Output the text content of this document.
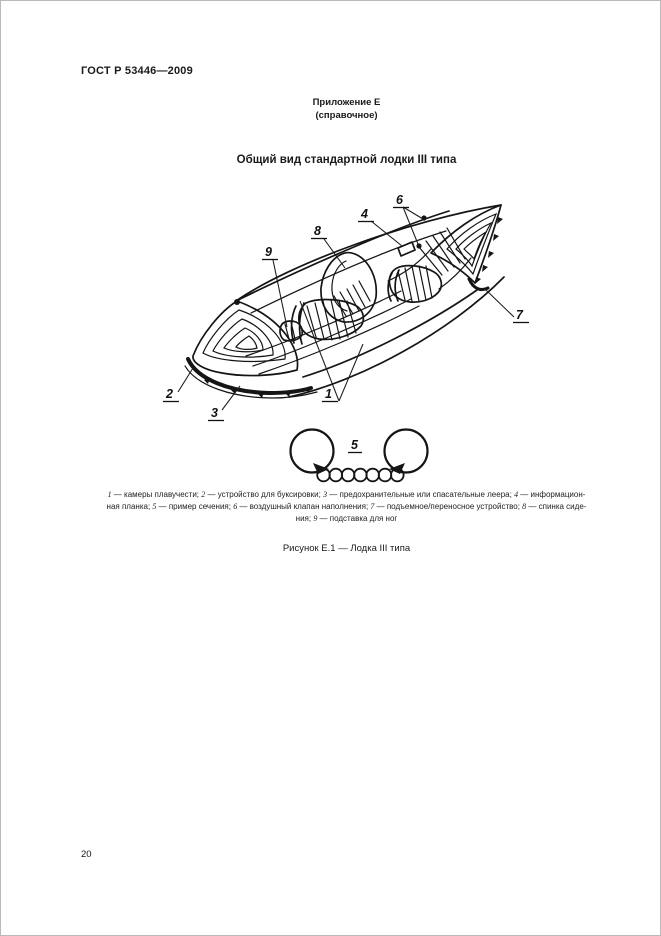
ГОСТ Р 53446—2009
Приложение Е
(справочное)
Общий вид стандартной лодки III типа
1
2
3
4
5
6
7
8
9
1 — камеры плавучести; 2 — устройство для буксировки; 3 — предохранительные или спасательные леера; 4 — информацион-
ная планка; 5 — пример сечения; 6 — воздушный клапан наполнения; 7 — подъемное/переносное устройство; 8 — спинка сиде-
ния; 9 — подставка для ног
Рисунок Е.1 — Лодка III типа
20
